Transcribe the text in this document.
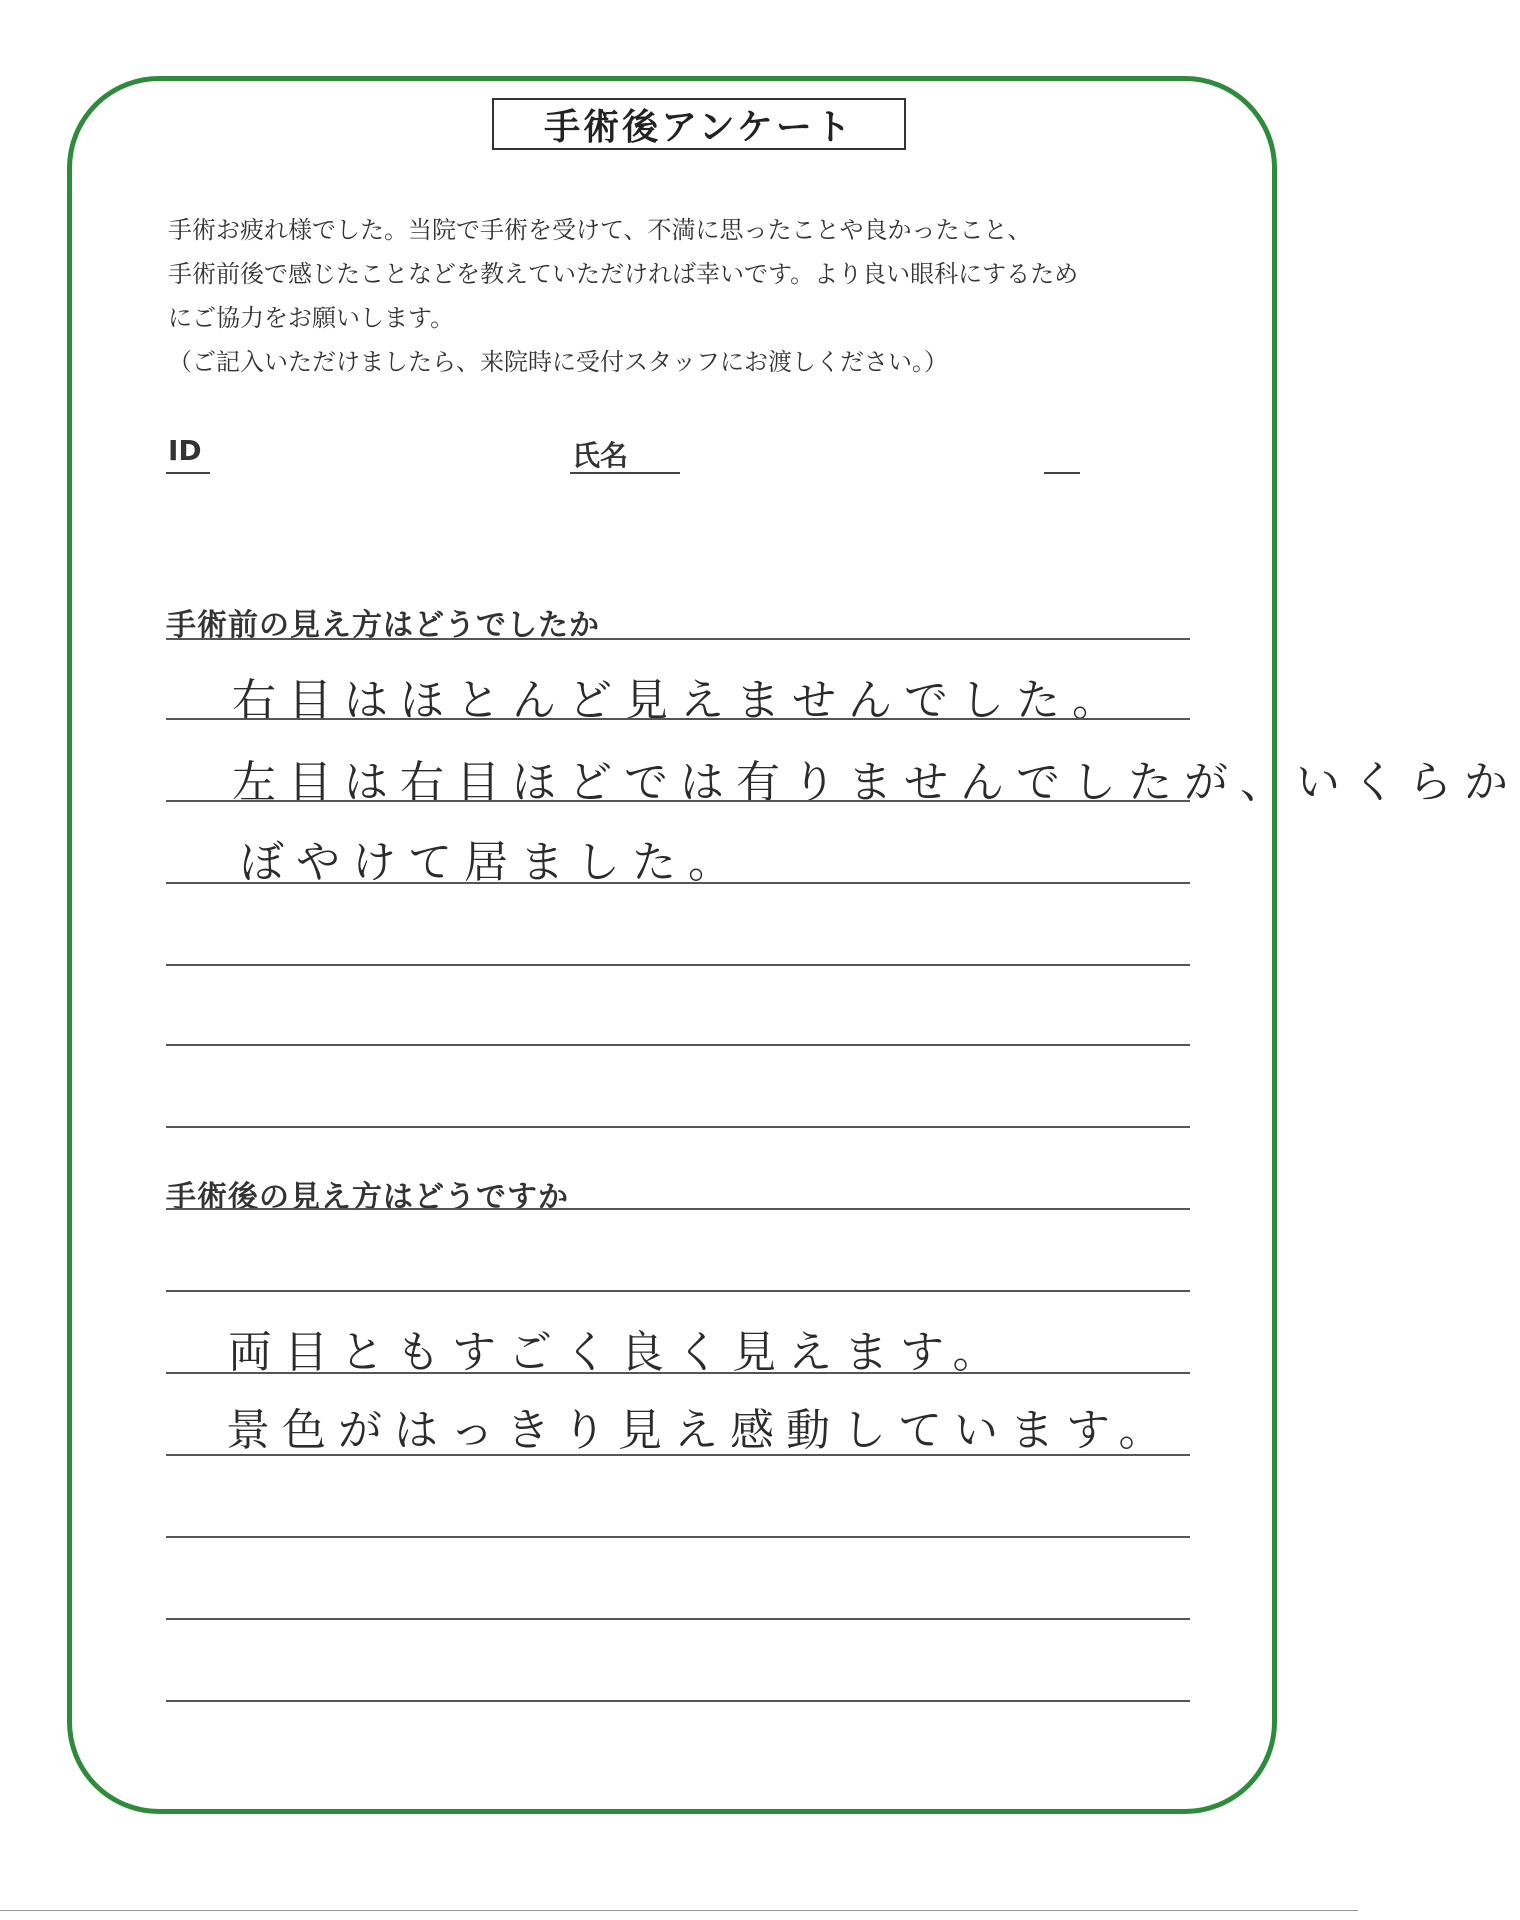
手術後アンケート

手術お疲れ様でした。当院で手術を受けて、不満に思ったことや良かったこと、

手術前後で感じたことなどを教えていただければ幸いです。より良い眼科にするため

にご協力をお願いします。

（ご記入いただけましたら、来院時に受付スタッフにお渡しください。）

ID	氏名
手術前の見え方はどうでしたか
右目はほとんど見えませんでした。
左目は右目ほどでは有りませんでしたが、いくらか
ぼやけて居ました。
手術後の見え方はどうですか
両目ともすごく良く見えます。
景色がはっきり見え感動しています。
